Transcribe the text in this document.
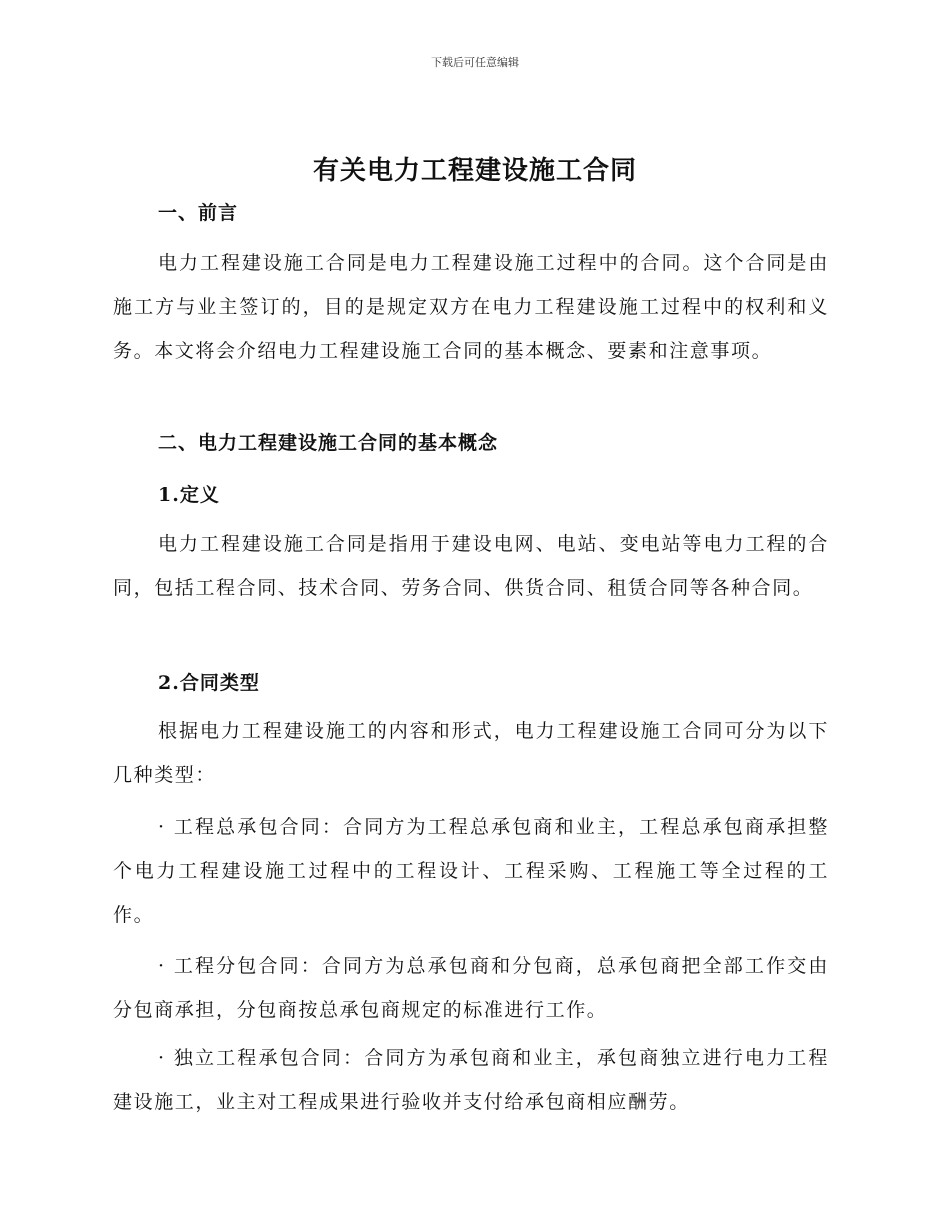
下载后可任意编辑
有关电力工程建设施工合同
一、前言

电力工程建设施工合同是电力工程建设施工过程中的合同。这个合同是由施工方与业主签订的，目的是规定双方在电力工程建设施工过程中的权利和义务。本文将会介绍电力工程建设施工合同的基本概念、要素和注意事项。

二、电力工程建设施工合同的基本概念
1.定义

电力工程建设施工合同是指用于建设电网、电站、变电站等电力工程的合同，包括工程合同、技术合同、劳务合同、供货合同、租赁合同等各种合同。

2.合同类型

根据电力工程建设施工的内容和形式，电力工程建设施工合同可分为以下几种类型：

· 工程总承包合同：合同方为工程总承包商和业主，工程总承包商承担整个电力工程建设施工过程中的工程设计、工程采购、工程施工等全过程的工作。

· 工程分包合同：合同方为总承包商和分包商，总承包商把全部工作交由分包商承担，分包商按总承包商规定的标准进行工作。

· 独立工程承包合同：合同方为承包商和业主，承包商独立进行电力工程建设施工，业主对工程成果进行验收并支付给承包商相应酬劳。
